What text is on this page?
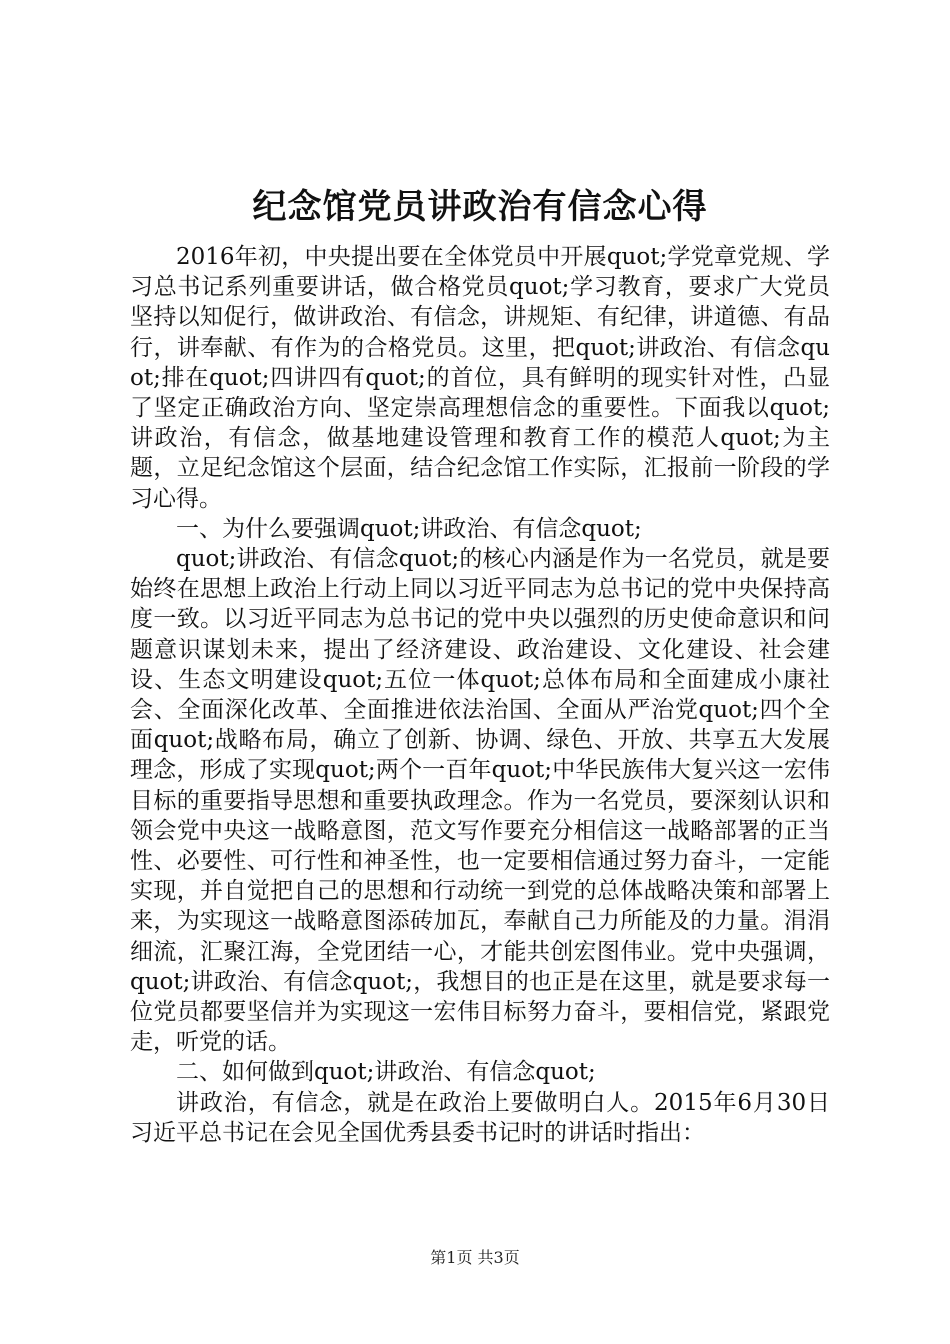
纪念馆党员讲政治有信念心得

2016年初，中央提出要在全体党员中开展quot;学党章党规、学习总书记系列重要讲话，做合格党员quot;学习教育，要求广大党员坚持以知促行，做讲政治、有信念，讲规矩、有纪律，讲道德、有品行，讲奉献、有作为的合格党员。这里，把quot;讲政治、有信念quot;排在quot;四讲四有quot;的首位，具有鲜明的现实针对性，凸显了坚定正确政治方向、坚定崇高理想信念的重要性。下面我以quot;讲政治，有信念，做基地建设管理和教育工作的模范人quot;为主题，立足纪念馆这个层面，结合纪念馆工作实际，汇报前一阶段的学习心得。

一、为什么要强调quot;讲政治、有信念quot;

quot;讲政治、有信念quot;的核心内涵是作为一名党员，就是要始终在思想上政治上行动上同以习近平同志为总书记的党中央保持高度一致。以习近平同志为总书记的党中央以强烈的历史使命意识和问题意识谋划未来，提出了经济建设、政治建设、文化建设、社会建设、生态文明建设quot;五位一体quot;总体布局和全面建成小康社会、全面深化改革、全面推进依法治国、全面从严治党quot;四个全面quot;战略布局，确立了创新、协调、绿色、开放、共享五大发展理念，形成了实现quot;两个一百年quot;中华民族伟大复兴这一宏伟目标的重要指导思想和重要执政理念。作为一名党员，要深刻认识和领会党中央这一战略意图，范文写作要充分相信这一战略部署的正当性、必要性、可行性和神圣性，也一定要相信通过努力奋斗，一定能实现，并自觉把自己的思想和行动统一到党的总体战略决策和部署上来，为实现这一战略意图添砖加瓦，奉献自己力所能及的力量。涓涓细流，汇聚江海，全党团结一心，才能共创宏图伟业。党中央强调，quot;讲政治、有信念quot;，我想目的也正是在这里，就是要求每一位党员都要坚信并为实现这一宏伟目标努力奋斗，要相信党，紧跟党走，听党的话。

二、如何做到quot;讲政治、有信念quot;

讲政治，有信念，就是在政治上要做明白人。2015年6月30日习近平总书记在会见全国优秀县委书记时的讲话时指出：

第1页 共3页
